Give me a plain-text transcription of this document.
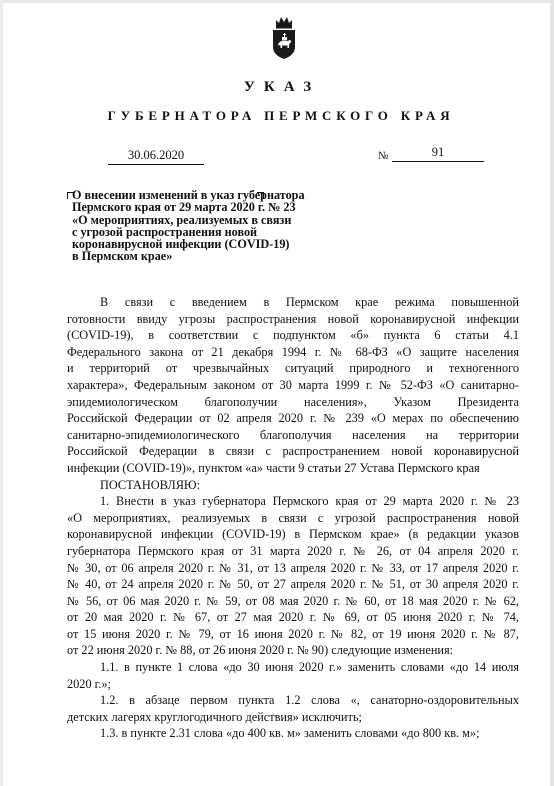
УКАЗ
ГУБЕРНАТОРА ПЕРМСКОГО КРАЯ
30.06.2020	№	91
О внесении изменений в указ губернатора
Пермского края от 29 марта 2020 г. № 23
«О мероприятиях, реализуемых в связи
с угрозой распространения новой
коронавирусной инфекции (COVID-19)
в Пермском крае»
В связи с введением в Пермском крае режима повышенной
готовности ввиду угрозы распространения новой коронавирусной инфекции
(COVID-19), в соответствии с подпунктом «б» пункта 6 статьи 4.1
Федерального закона от 21 декабря 1994 г. № 68-ФЗ «О защите населения
и территорий от чрезвычайных ситуаций природного и техногенного
характера», Федеральным законом от 30 марта 1999 г. № 52-ФЗ «О санитарно-
эпидемиологическом благополучии населения», Указом Президента
Российской Федерации от 02 апреля 2020 г. № 239 «О мерах по обеспечению
санитарно-эпидемиологического благополучия населения на территории
Российской Федерации в связи с распространением новой коронавирусной
инфекции (COVID-19)», пунктом «а» части 9 статьи 27 Устава Пермского края
ПОСТАНОВЛЯЮ:
1. Внести в указ губернатора Пермского края от 29 марта 2020 г. № 23
«О мероприятиях, реализуемых в связи с угрозой распространения новой
коронавирусной инфекции (COVID-19) в Пермском крае» (в редакции указов
губернатора Пермского края от 31 марта 2020 г. № 26, от 04 апреля 2020 г.
№ 30, от 06 апреля 2020 г. № 31, от 13 апреля 2020 г. № 33, от 17 апреля 2020 г.
№ 40, от 24 апреля 2020 г. № 50, от 27 апреля 2020 г. № 51, от 30 апреля 2020 г.
№ 56, от 06 мая 2020 г. № 59, от 08 мая 2020 г. № 60, от 18 мая 2020 г. № 62,
от 20 мая 2020 г. № 67, от 27 мая 2020 г. № 69, от 05 июня 2020 г. № 74,
от 15 июня 2020 г. № 79, от 16 июня 2020 г. № 82, от 19 июня 2020 г. № 87,
от 22 июня 2020 г. № 88, от 26 июня 2020 г. № 90) следующие изменения:
1.1. в пункте 1 слова «до 30 июня 2020 г.» заменить словами «до 14 июля
2020 г.»;
1.2. в абзаце первом пункта 1.2 слова «, санаторно-оздоровительных
детских лагерях круглогодичного действия» исключить;
1.3. в пункте 2.31 слова «до 400 кв. м» заменить словами «до 800 кв. м»;
